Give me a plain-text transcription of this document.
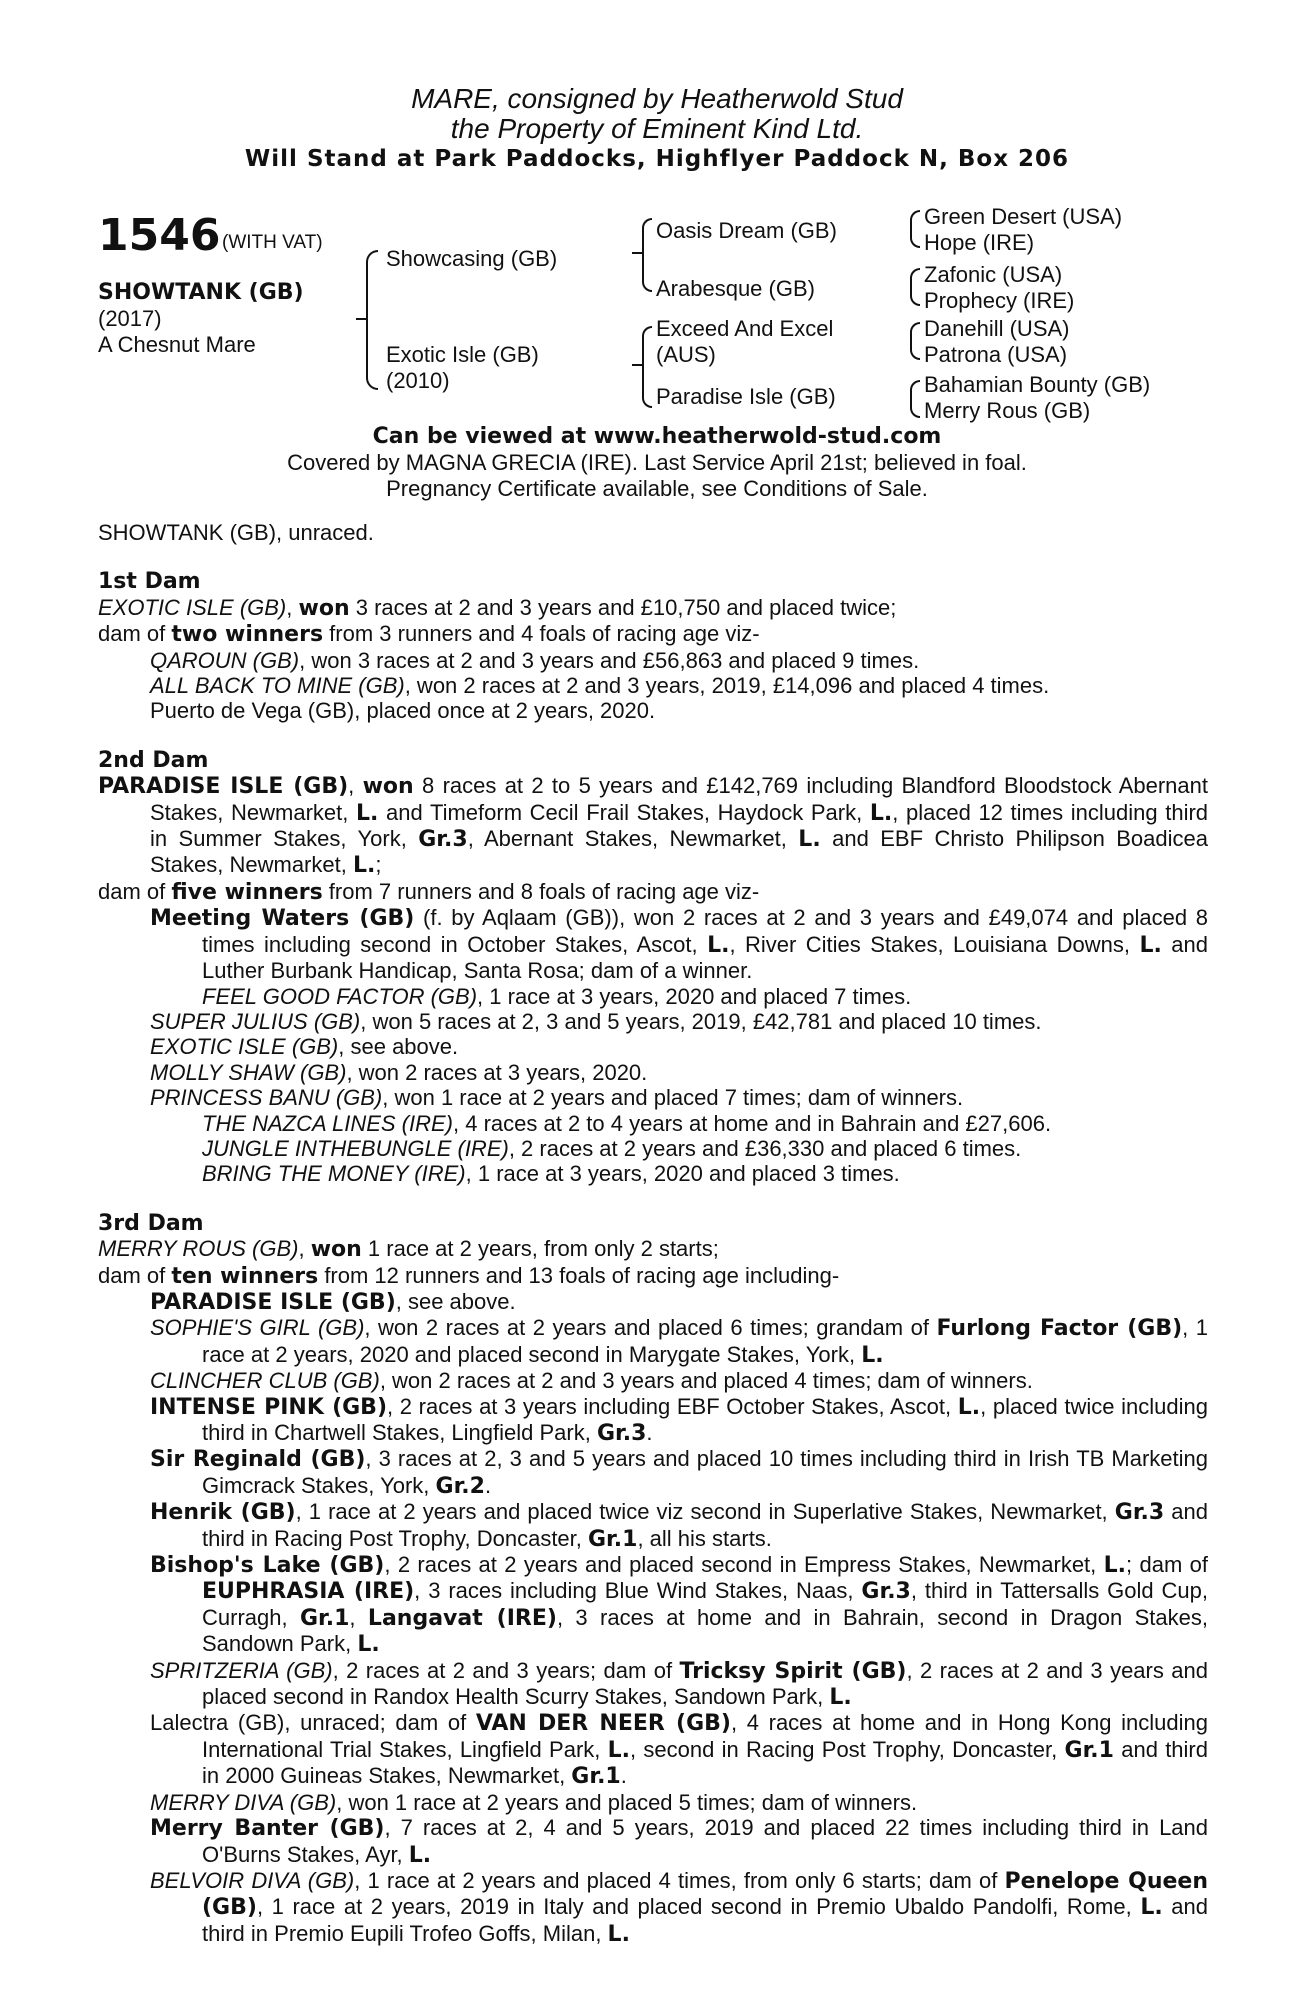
MARE, consigned by Heatherwold Stud
the Property of Eminent Kind Ltd.
Will Stand at Park Paddocks, Highflyer Paddock N, Box 206
1546 (WITH VAT)
SHOWTANK (GB)
(2017)
A Chesnut Mare
Showcasing (GB)
Exotic Isle (GB)
(2010)
Oasis Dream (GB)
Arabesque (GB)
Exceed And Excel
(AUS)
Paradise Isle (GB)
Green Desert (USA)
Hope (IRE)
Zafonic (USA)
Prophecy (IRE)
Danehill (USA)
Patrona (USA)
Bahamian Bounty (GB)
Merry Rous (GB)
Can be viewed at www.heatherwold-stud.com
Covered by MAGNA GRECIA (IRE). Last Service April 21st; believed in foal.
Pregnancy Certificate available, see Conditions of Sale.

SHOWTANK (GB), unraced.

1st Dam

EXOTIC ISLE (GB), won 3 races at 2 and 3 years and £10,750 and placed twice;

dam of two winners from 3 runners and 4 foals of racing age viz-

QAROUN (GB), won 3 races at 2 and 3 years and £56,863 and placed 9 times.

ALL BACK TO MINE (GB), won 2 races at 2 and 3 years, 2019, £14,096 and placed 4 times.

Puerto de Vega (GB), placed once at 2 years, 2020.

2nd Dam

PARADISE ISLE (GB), won 8 races at 2 to 5 years and £142,769 including Blandford Bloodstock Abernant Stakes, Newmarket, L. and Timeform Cecil Frail Stakes, Haydock Park, L., placed 12 times including third in Summer Stakes, York, Gr.3, Abernant Stakes, Newmarket, L. and EBF Christo Philipson Boadicea Stakes, Newmarket, L.;

dam of five winners from 7 runners and 8 foals of racing age viz-

Meeting Waters (GB) (f. by Aqlaam (GB)), won 2 races at 2 and 3 years and £49,074 and placed 8 times including second in October Stakes, Ascot, L., River Cities Stakes, Louisiana Downs, L. and Luther Burbank Handicap, Santa Rosa; dam of a winner.

FEEL GOOD FACTOR (GB), 1 race at 3 years, 2020 and placed 7 times.

SUPER JULIUS (GB), won 5 races at 2, 3 and 5 years, 2019, £42,781 and placed 10 times.

EXOTIC ISLE (GB), see above.

MOLLY SHAW (GB), won 2 races at 3 years, 2020.

PRINCESS BANU (GB), won 1 race at 2 years and placed 7 times; dam of winners.

THE NAZCA LINES (IRE), 4 races at 2 to 4 years at home and in Bahrain and £27,606.

JUNGLE INTHEBUNGLE (IRE), 2 races at 2 years and £36,330 and placed 6 times.

BRING THE MONEY (IRE), 1 race at 3 years, 2020 and placed 3 times.

3rd Dam

MERRY ROUS (GB), won 1 race at 2 years, from only 2 starts;

dam of ten winners from 12 runners and 13 foals of racing age including-

PARADISE ISLE (GB), see above.

SOPHIE'S GIRL (GB), won 2 races at 2 years and placed 6 times; grandam of Furlong Factor (GB), 1 race at 2 years, 2020 and placed second in Marygate Stakes, York, L.

CLINCHER CLUB (GB), won 2 races at 2 and 3 years and placed 4 times; dam of winners.

INTENSE PINK (GB), 2 races at 3 years including EBF October Stakes, Ascot, L., placed twice including third in Chartwell Stakes, Lingfield Park, Gr.3.

Sir Reginald (GB), 3 races at 2, 3 and 5 years and placed 10 times including third in Irish TB Marketing Gimcrack Stakes, York, Gr.2.

Henrik (GB), 1 race at 2 years and placed twice viz second in Superlative Stakes, Newmarket, Gr.3 and third in Racing Post Trophy, Doncaster, Gr.1, all his starts.

Bishop's Lake (GB), 2 races at 2 years and placed second in Empress Stakes, Newmarket, L.; dam of EUPHRASIA (IRE), 3 races including Blue Wind Stakes, Naas, Gr.3, third in Tattersalls Gold Cup, Curragh, Gr.1, Langavat (IRE), 3 races at home and in Bahrain, second in Dragon Stakes, Sandown Park, L.

SPRITZERIA (GB), 2 races at 2 and 3 years; dam of Tricksy Spirit (GB), 2 races at 2 and 3 years and placed second in Randox Health Scurry Stakes, Sandown Park, L.

Lalectra (GB), unraced; dam of VAN DER NEER (GB), 4 races at home and in Hong Kong including International Trial Stakes, Lingfield Park, L., second in Racing Post Trophy, Doncaster, Gr.1 and third in 2000 Guineas Stakes, Newmarket, Gr.1.

MERRY DIVA (GB), won 1 race at 2 years and placed 5 times; dam of winners.

Merry Banter (GB), 7 races at 2, 4 and 5 years, 2019 and placed 22 times including third in Land O'Burns Stakes, Ayr, L.

BELVOIR DIVA (GB), 1 race at 2 years and placed 4 times, from only 6 starts; dam of Penelope Queen (GB), 1 race at 2 years, 2019 in Italy and placed second in Premio Ubaldo Pandolfi, Rome, L. and third in Premio Eupili Trofeo Goffs, Milan, L.
